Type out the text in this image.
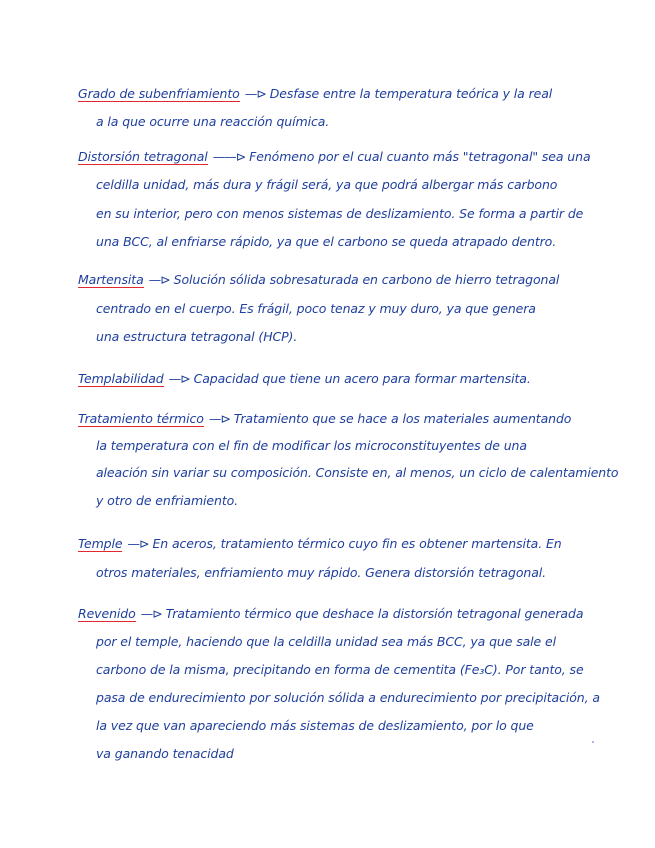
Grado de subenfriamiento —⊳ Desfase entre la temperatura teórica y la real
a la que ocurre una reacción química.
Distorsión tetragonal ——⊳ Fenómeno por el cual cuanto más "tetragonal" sea una
celdilla unidad, más dura y frágil será, ya que podrá albergar más carbono
en su interior, pero con menos sistemas de deslizamiento. Se forma a partir de
una BCC, al enfriarse rápido, ya que el carbono se queda atrapado dentro.
Martensita —⊳ Solución sólida sobresaturada en carbono de hierro tetragonal
centrado en el cuerpo. Es frágil, poco tenaz y muy duro, ya que genera
una estructura tetragonal (HCP).
Templabilidad —⊳ Capacidad que tiene un acero para formar martensita.
Tratamiento térmico —⊳ Tratamiento que se hace a los materiales aumentando
la temperatura con el fin de modificar los microconstituyentes de una
aleación sin variar su composición. Consiste en, al menos, un ciclo de calentamiento
y otro de enfriamiento.
Temple —⊳ En aceros, tratamiento térmico cuyo fin es obtener martensita. En
otros materiales, enfriamiento muy rápido. Genera distorsión tetragonal.
Revenido —⊳ Tratamiento térmico que deshace la distorsión tetragonal generada
por el temple, haciendo que la celdilla unidad sea más BCC, ya que sale el
carbono de la misma, precipitando en forma de cementita (Fe₃C). Por tanto, se
pasa de endurecimiento por solución sólida a endurecimiento por precipitación, a
la vez que van apareciendo más sistemas de deslizamiento, por lo que
va ganando tenacidad
